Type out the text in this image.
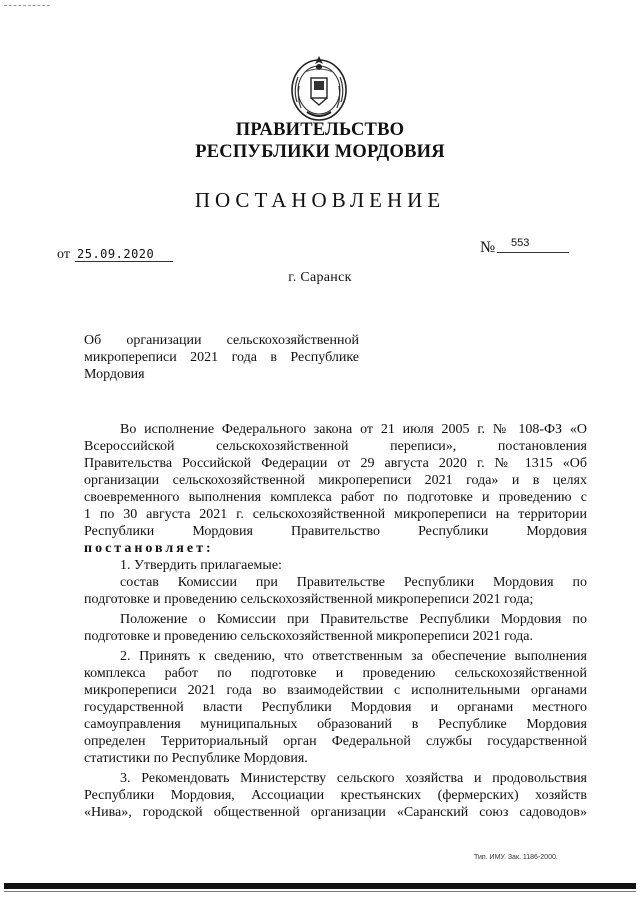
ПРАВИТЕЛЬСТВО
РЕСПУБЛИКИ МОРДОВИЯ
ПОСТАНОВЛЕНИЕ
от 25.09.2020	№	553
г. Саранск
Об организации сельскохозяйственной
микропереписи 2021 года в Республике
Мордовия
Во исполнение Федерального закона от 21 июля 2005 г. № 108-ФЗ «О
Всероссийской сельскохозяйственной переписи», постановления
Правительства Российской Федерации от 29 августа 2020 г. № 1315 «Об
организации сельскохозяйственной микропереписи 2021 года» и в целях
своевременного выполнения комплекса работ по подготовке и проведению с
1 по 30 августа 2021 г. сельскохозяйственной микропереписи на территории
Республики Мордовия Правительство Республики Мордовия
постановляет:
1. Утвердить прилагаемые:
состав Комиссии при Правительстве Республики Мордовия по
подготовке и проведению сельскохозяйственной микропереписи 2021 года;
Положение о Комиссии при Правительстве Республики Мордовия по
подготовке и проведению сельскохозяйственной микропереписи 2021 года.
2. Принять к сведению, что ответственным за обеспечение выполнения
комплекса работ по подготовке и проведению сельскохозяйственной
микропереписи 2021 года во взаимодействии с исполнительными органами
государственной власти Республики Мордовия и органами местного
самоуправления муниципальных образований в Республике Мордовия
определен Территориальный орган Федеральной службы государственной
статистики по Республике Мордовия.
3. Рекомендовать Министерству сельского хозяйства и продовольствия
Республики Мордовия, Ассоциации крестьянских (фермерских) хозяйств
«Нива», городской общественной организации «Саранский союз садоводов»
Тип. ИМУ. Зак. 1186-2000.
